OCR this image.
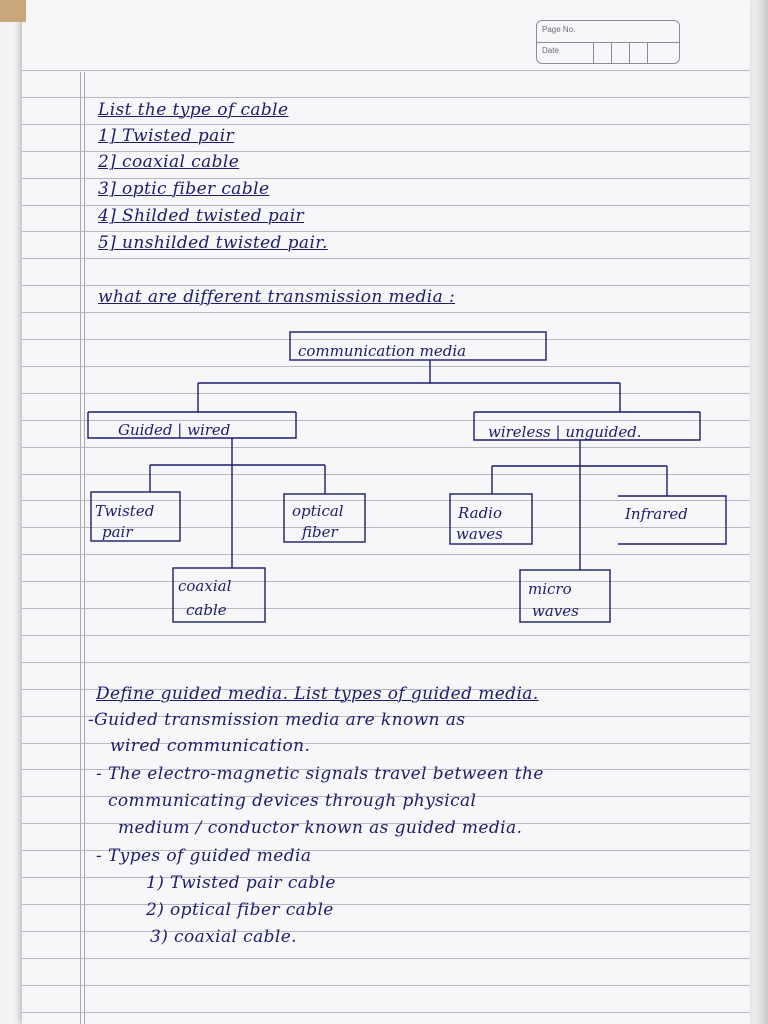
Page No.
Date
List the type of cable
1] Twisted pair
2] coaxial cable
3] optic fiber cable
4] Shilded twisted pair
5] unshilded twisted pair.
what are different transmission media :
communication media
Guided | wired	wireless | unguided.
Twisted
pair
optical
fiber
Radio
waves
Infrared
coaxial
cable
micro
waves
Define guided media. List types of guided media.
-Guided transmission media are known as
wired communication.
- The electro-magnetic signals travel between the
communicating devices through physical
medium / conductor known as guided media.
- Types of guided media
1) Twisted pair cable
2) optical fiber cable
3) coaxial cable.
